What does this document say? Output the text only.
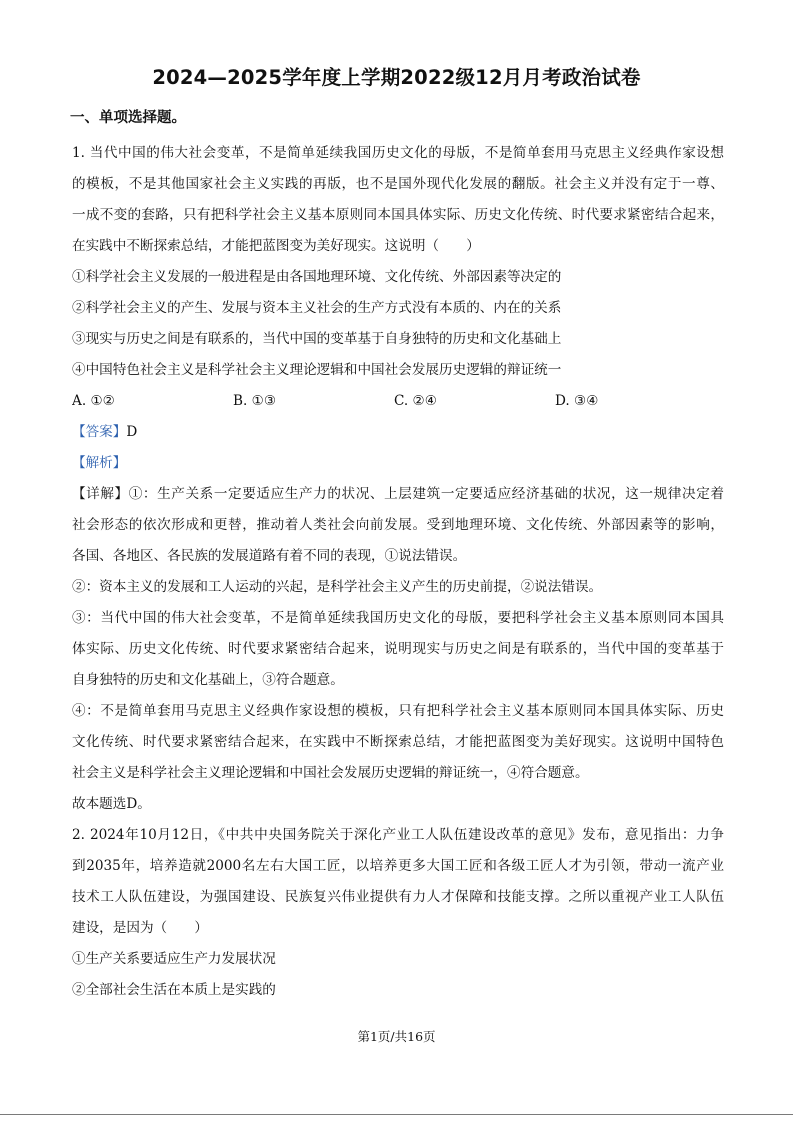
2024—2025学年度上学期2022级12月月考政治试卷
一、单项选择题。
1. 当代中国的伟大社会变革，不是简单延续我国历史文化的母版，不是简单套用马克思主义经典作家设想
的模板，不是其他国家社会主义实践的再版，也不是国外现代化发展的翻版。社会主义并没有定于一尊、
一成不变的套路，只有把科学社会主义基本原则同本国具体实际、历史文化传统、时代要求紧密结合起来，
在实践中不断探索总结，才能把蓝图变为美好现实。这说明（　　）
①科学社会主义发展的一般进程是由各国地理环境、文化传统、外部因素等决定的
②科学社会主义的产生、发展与资本主义社会的生产方式没有本质的、内在的关系
③现实与历史之间是有联系的，当代中国的变革基于自身独特的历史和文化基础上
④中国特色社会主义是科学社会主义理论逻辑和中国社会发展历史逻辑的辩证统一
A. ①②	B. ①③	C. ②④	D. ③④
【答案】D
【解析】
【详解】①：生产关系一定要适应生产力的状况、上层建筑一定要适应经济基础的状况，这一规律决定着
社会形态的依次形成和更替，推动着人类社会向前发展。受到地理环境、文化传统、外部因素等的影响，
各国、各地区、各民族的发展道路有着不同的表现，①说法错误。
②：资本主义的发展和工人运动的兴起，是科学社会主义产生的历史前提，②说法错误。
③：当代中国的伟大社会变革，不是简单延续我国历史文化的母版，要把科学社会主义基本原则同本国具
体实际、历史文化传统、时代要求紧密结合起来，说明现实与历史之间是有联系的，当代中国的变革基于
自身独特的历史和文化基础上，③符合题意。
④：不是简单套用马克思主义经典作家设想的模板，只有把科学社会主义基本原则同本国具体实际、历史
文化传统、时代要求紧密结合起来，在实践中不断探索总结，才能把蓝图变为美好现实。这说明中国特色
社会主义是科学社会主义理论逻辑和中国社会发展历史逻辑的辩证统一，④符合题意。
故本题选D。
2. 2024年10月12日，《中共中央国务院关于深化产业工人队伍建设改革的意见》发布，意见指出：力争
到2035年，培养造就2000名左右大国工匠，以培养更多大国工匠和各级工匠人才为引领，带动一流产业
技术工人队伍建设，为强国建设、民族复兴伟业提供有力人才保障和技能支撑。之所以重视产业工人队伍
建设，是因为（　　）
①生产关系要适应生产力发展状况
②全部社会生活在本质上是实践的
第1页/共16页
